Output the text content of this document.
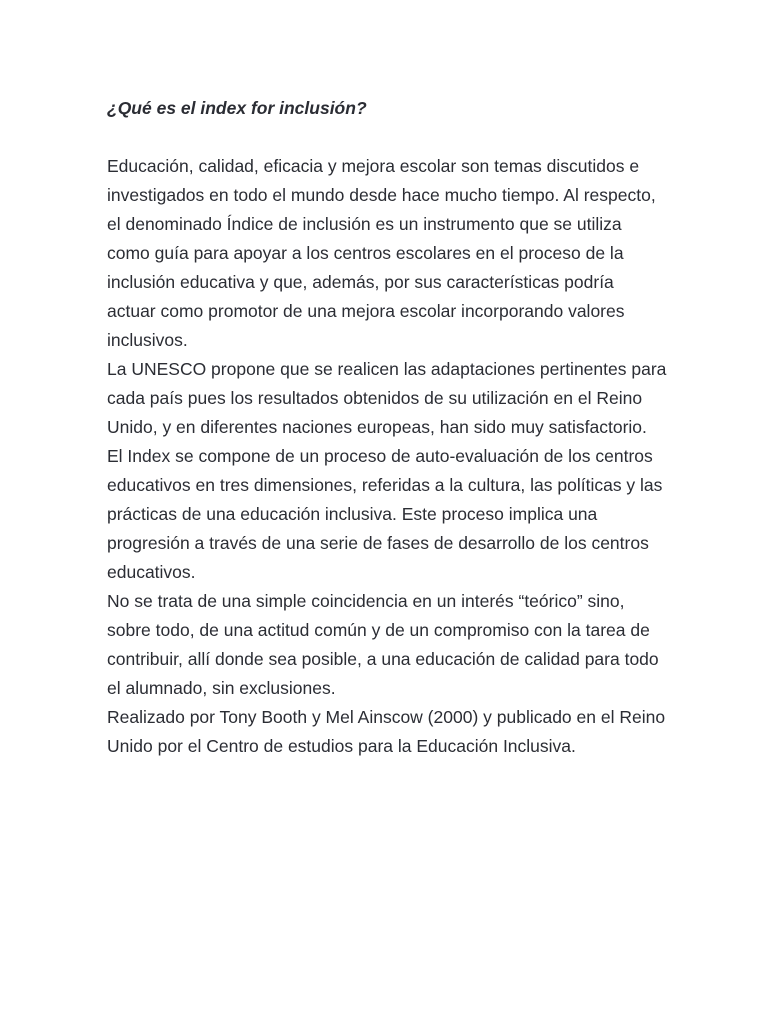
¿Qué es el index for inclusión?

Educación, calidad, eficacia y mejora escolar son temas discutidos e investigados en todo el mundo desde hace mucho tiempo. Al respecto, el denominado Índice de inclusión es un instrumento que se utiliza como guía para apoyar a los centros escolares en el proceso de la inclusión educativa y que, además, por sus características podría actuar como promotor de una mejora escolar incorporando valores inclusivos.

La UNESCO propone que se realicen las adaptaciones pertinentes para cada país pues los resultados obtenidos de su utilización en el Reino Unido, y en diferentes naciones europeas, han sido muy satisfactorio.

El Index se compone de un proceso de auto-evaluación de los centros educativos en tres dimensiones, referidas a la cultura, las políticas y las prácticas de una educación inclusiva. Este proceso implica una progresión a través de una serie de fases de desarrollo de los centros educativos.

No se trata de una simple coincidencia en un interés “teórico” sino, sobre todo, de una actitud común y de un compromiso con la tarea de contribuir, allí donde sea posible, a una educación de calidad para todo el alumnado, sin exclusiones.

Realizado por Tony Booth y Mel Ainscow (2000) y publicado en el Reino Unido por el Centro de estudios para la Educación Inclusiva.
